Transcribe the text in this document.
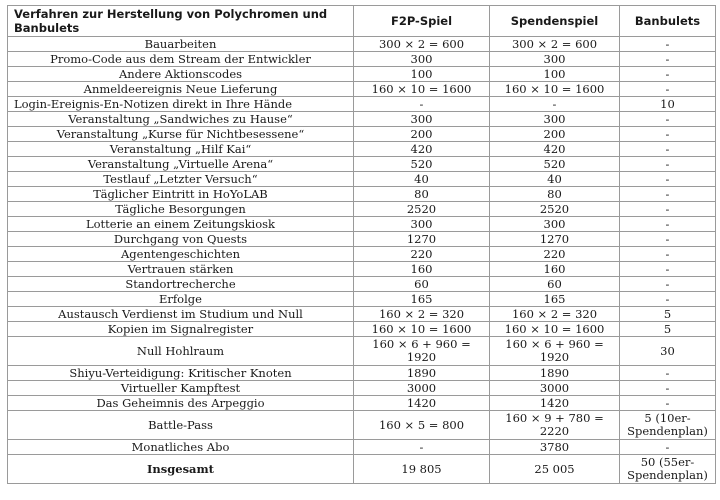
Verfahren zur Herstellung von Polychromen und Banbulets	F2P-Spiel	Spendenspiel	Banbulets
Bauarbeiten	300 × 2 = 600	300 × 2 = 600	-
Promo-Code aus dem Stream der Entwickler	300	300	-
Andere Aktionscodes	100	100	-
Anmeldeereignis Neue Lieferung	160 × 10 = 1600	160 × 10 = 1600	-
Login-Ereignis-En-Notizen direkt in Ihre Hände	-	-	10
Veranstaltung „Sandwiches zu Hause“	300	300	-
Veranstaltung „Kurse für Nichtbesessene“	200	200	-
Veranstaltung „Hilf Kai“	420	420	-
Veranstaltung „Virtuelle Arena“	520	520	-
Testlauf „Letzter Versuch“	40	40	-
Täglicher Eintritt in HoYoLAB	80	80	-
Tägliche Besorgungen	2520	2520	-
Lotterie an einem Zeitungskiosk	300	300	-
Durchgang von Quests	1270	1270	-
Agentengeschichten	220	220	-
Vertrauen stärken	160	160	-
Standortrecherche	60	60	-
Erfolge	165	165	-
Austausch Verdienst im Studium und Null	160 × 2 = 320	160 × 2 = 320	5
Kopien im Signalregister	160 × 10 = 1600	160 × 10 = 1600	5
Null Hohlraum	160 × 6 + 960 = 1920	160 × 6 + 960 = 1920	30
Shiyu-Verteidigung: Kritischer Knoten	1890	1890	-
Virtueller Kampftest	3000	3000	-
Das Geheimnis des Arpeggio	1420	1420	-
Battle-Pass	160 × 5 = 800	160 × 9 + 780 = 2220	5 (10er-Spendenplan)
Monatliches Abo	-	3780	-
Insgesamt	19 805	25 005	50 (55er-Spendenplan)
